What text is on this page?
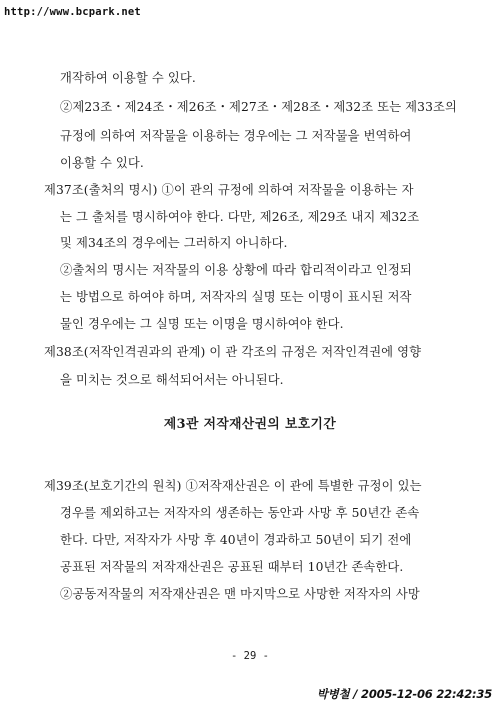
http://www.bcpark.net
개작하여 이용할 수 있다.
②제23조・제24조・제26조・제27조・제28조・제32조 또는 제33조의
규정에 의하여 저작물을 이용하는 경우에는 그 저작물을 번역하여
이용할 수 있다.
제37조(출처의 명시) ①이 관의 규정에 의하여 저작물을 이용하는 자
는 그 출처를 명시하여야 한다. 다만, 제26조, 제29조 내지 제32조
및 제34조의 경우에는 그러하지 아니하다.
②출처의 명시는 저작물의 이용 상황에 따라 합리적이라고 인정되
는 방법으로 하여야 하며, 저작자의 실명 또는 이명이 표시된 저작
물인 경우에는 그 실명 또는 이명을 명시하여야 한다.
제38조(저작인격권과의 관계) 이 관 각조의 규정은 저작인격권에 영향
을 미치는 것으로 해석되어서는 아니된다.
제3관 저작재산권의 보호기간
제39조(보호기간의 원칙) ①저작재산권은 이 관에 특별한 규정이 있는
경우를 제외하고는 저작자의 생존하는 동안과 사망 후 50년간 존속
한다. 다만, 저작자가 사망 후 40년이 경과하고 50년이 되기 전에
공표된 저작물의 저작재산권은 공표된 때부터 10년간 존속한다.
②공동저작물의 저작재산권은 맨 마지막으로 사망한 저작자의 사망
- 29 -
박병철 / 2005-12-06 22:42:35
